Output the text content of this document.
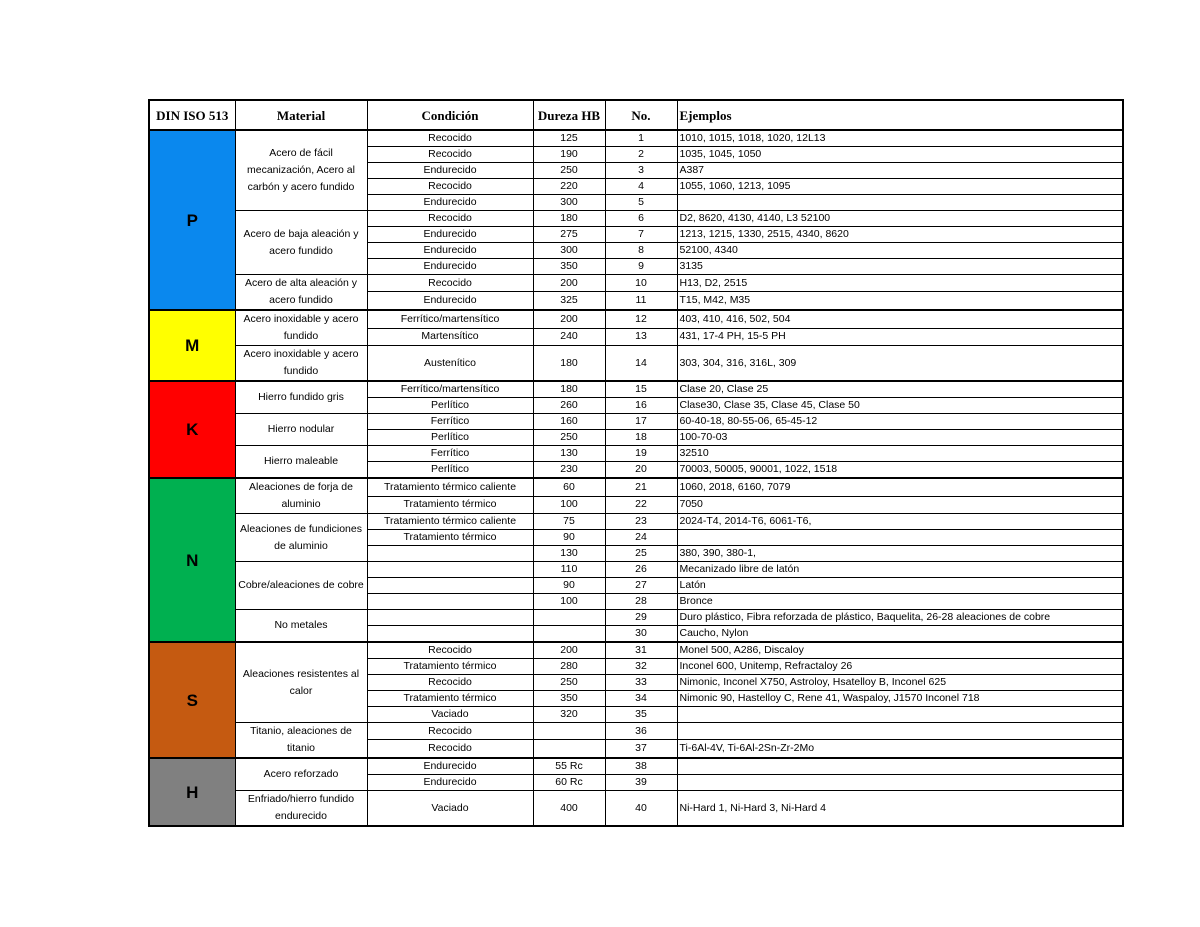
DIN ISO 513	Material	Condición	Dureza HB	No.	Ejemplos
P	Acero de fácil mecanización, Acero al carbón y acero fundido	Recocido	125	1	1010, 1015, 1018, 1020, 12L13
		Recocido	190	2	1035, 1045, 1050
		Endurecido	250	3	A387
		Recocido	220	4	1055, 1060, 1213, 1095
		Endurecido	300	5	
	Acero de baja aleación y acero fundido	Recocido	180	6	D2, 8620, 4130, 4140, L3 52100
		Endurecido	275	7	1213, 1215, 1330, 2515, 4340, 8620
		Endurecido	300	8	52100, 4340
		Endurecido	350	9	3135
	Acero de alta aleación y acero fundido	Recocido	200	10	H13, D2, 2515
		Endurecido	325	11	T15, M42, M35
M	Acero inoxidable y acero fundido	Ferrítico/martensítico	200	12	403, 410, 416, 502, 504
		Martensítico	240	13	431, 17-4 PH, 15-5 PH
	Acero inoxidable y acero fundido	Austenítico	180	14	303, 304, 316, 316L, 309
K	Hierro fundido gris	Ferrítico/martensítico	180	15	Clase 20, Clase 25
		Perlítico	260	16	Clase30, Clase 35, Clase 45, Clase 50
	Hierro nodular	Ferrítico	160	17	60-40-18, 80-55-06, 65-45-12
		Perlítico	250	18	100-70-03
	Hierro maleable	Ferrítico	130	19	32510
		Perlítico	230	20	70003, 50005, 90001, 1022, 1518
N	Aleaciones de forja de aluminio	Tratamiento térmico caliente	60	21	1060, 2018, 6160, 7079
		Tratamiento térmico	100	22	7050
	Aleaciones de fundiciones de aluminio	Tratamiento térmico caliente	75	23	2024-T4, 2014-T6, 6061-T6,
		Tratamiento térmico	90	24	
			130	25	380, 390, 380-1,
	Cobre/aleaciones de cobre		110	26	Mecanizado libre de latón
			90	27	Latón
			100	28	Bronce
	No metales			29	Duro plástico, Fibra reforzada de plástico, Baquelita, 26-28 aleaciones de cobre
				30	Caucho, Nylon
S	Aleaciones resistentes al calor	Recocido	200	31	Monel 500, A286, Discaloy
		Tratamiento térmico	280	32	Inconel 600, Unitemp, Refractaloy 26
		Recocido	250	33	Nimonic, Inconel X750, Astroloy, Hsatelloy B, Inconel 625
		Tratamiento térmico	350	34	Nimonic 90, Hastelloy C, Rene 41, Waspaloy, J1570 Inconel 718
		Vaciado	320	35	
	Titanio, aleaciones de titanio	Recocido		36	
		Recocido		37	Ti-6Al-4V, Ti-6Al-2Sn-Zr-2Mo
H	Acero reforzado	Endurecido	55 Rc	38	
		Endurecido	60 Rc	39	
	Enfriado/hierro fundido endurecido	Vaciado	400	40	Ni-Hard 1, Ni-Hard 3, Ni-Hard 4
